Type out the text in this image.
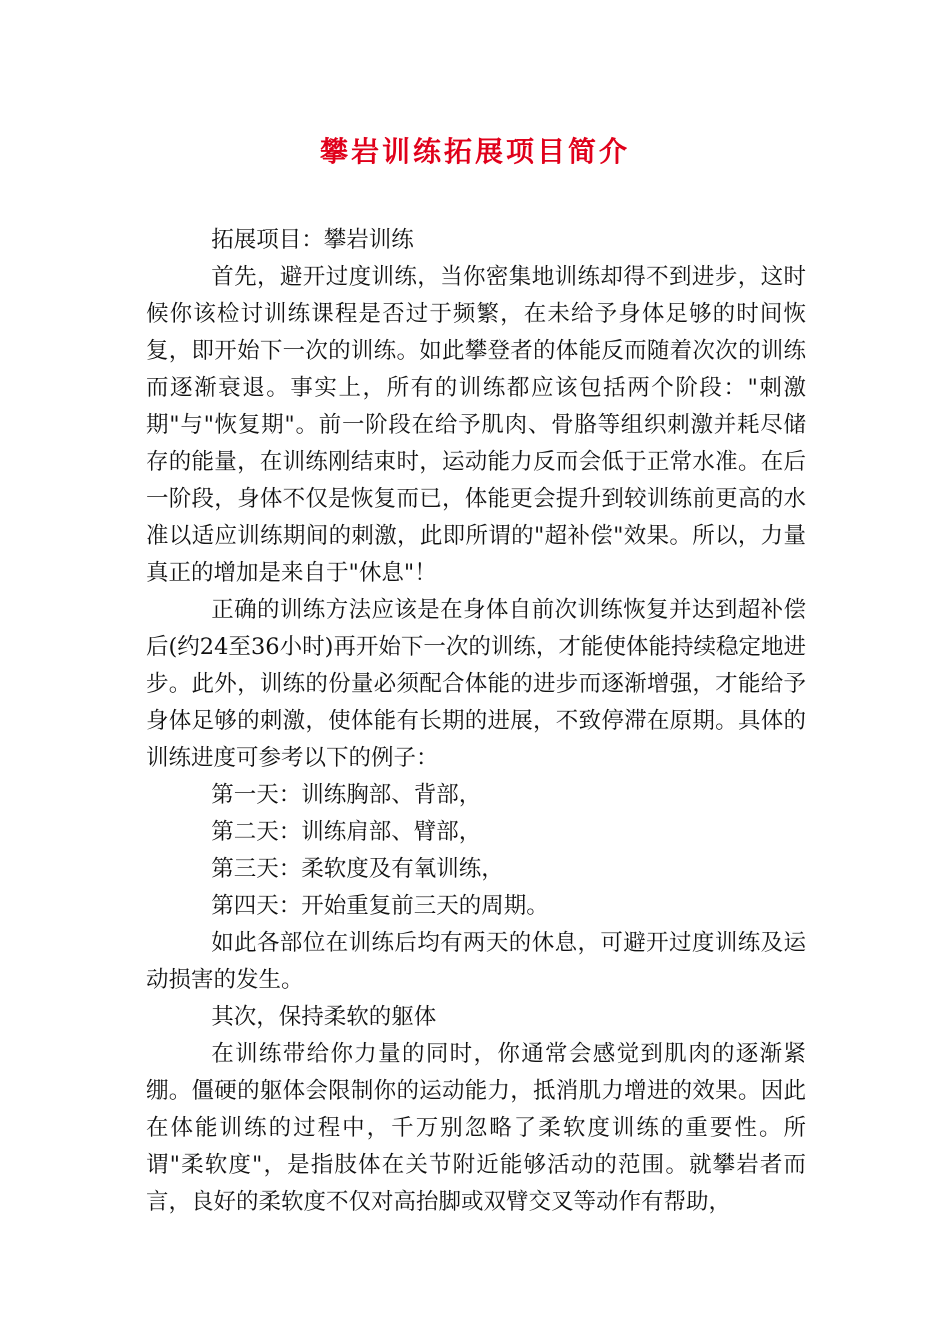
攀岩训练拓展项目简介

拓展项目：攀岩训练

首先，避开过度训练，当你密集地训练却得不到进步，这时候你该检讨训练课程是否过于频繁，在未给予身体足够的时间恢复，即开始下一次的训练。如此攀登者的体能反而随着次次的训练而逐渐衰退。事实上，所有的训练都应该包括两个阶段："刺激期"与"恢复期"。前一阶段在给予肌肉、骨胳等组织刺激并耗尽储存的能量，在训练刚结束时，运动能力反而会低于正常水准。在后一阶段，身体不仅是恢复而已，体能更会提升到较训练前更高的水准以适应训练期间的刺激，此即所谓的"超补偿"效果。所以，力量真正的增加是来自于"休息"！

正确的训练方法应该是在身体自前次训练恢复并达到超补偿后(约24至36小时)再开始下一次的训练，才能使体能持续稳定地进步。此外，训练的份量必须配合体能的进步而逐渐增强，才能给予身体足够的刺激，使体能有长期的进展，不致停滞在原期。具体的训练进度可参考以下的例子：

第一天：训练胸部、背部，

第二天：训练肩部、臂部，

第三天：柔软度及有氧训练，

第四天：开始重复前三天的周期。

如此各部位在训练后均有两天的休息，可避开过度训练及运动损害的发生。

其次，保持柔软的躯体

在训练带给你力量的同时，你通常会感觉到肌肉的逐渐紧绷。僵硬的躯体会限制你的运动能力，抵消肌力增进的效果。因此在体能训练的过程中，千万别忽略了柔软度训练的重要性。所谓"柔软度"，是指肢体在关节附近能够活动的范围。就攀岩者而言，良好的柔软度不仅对高抬脚或双臂交叉等动作有帮助，
